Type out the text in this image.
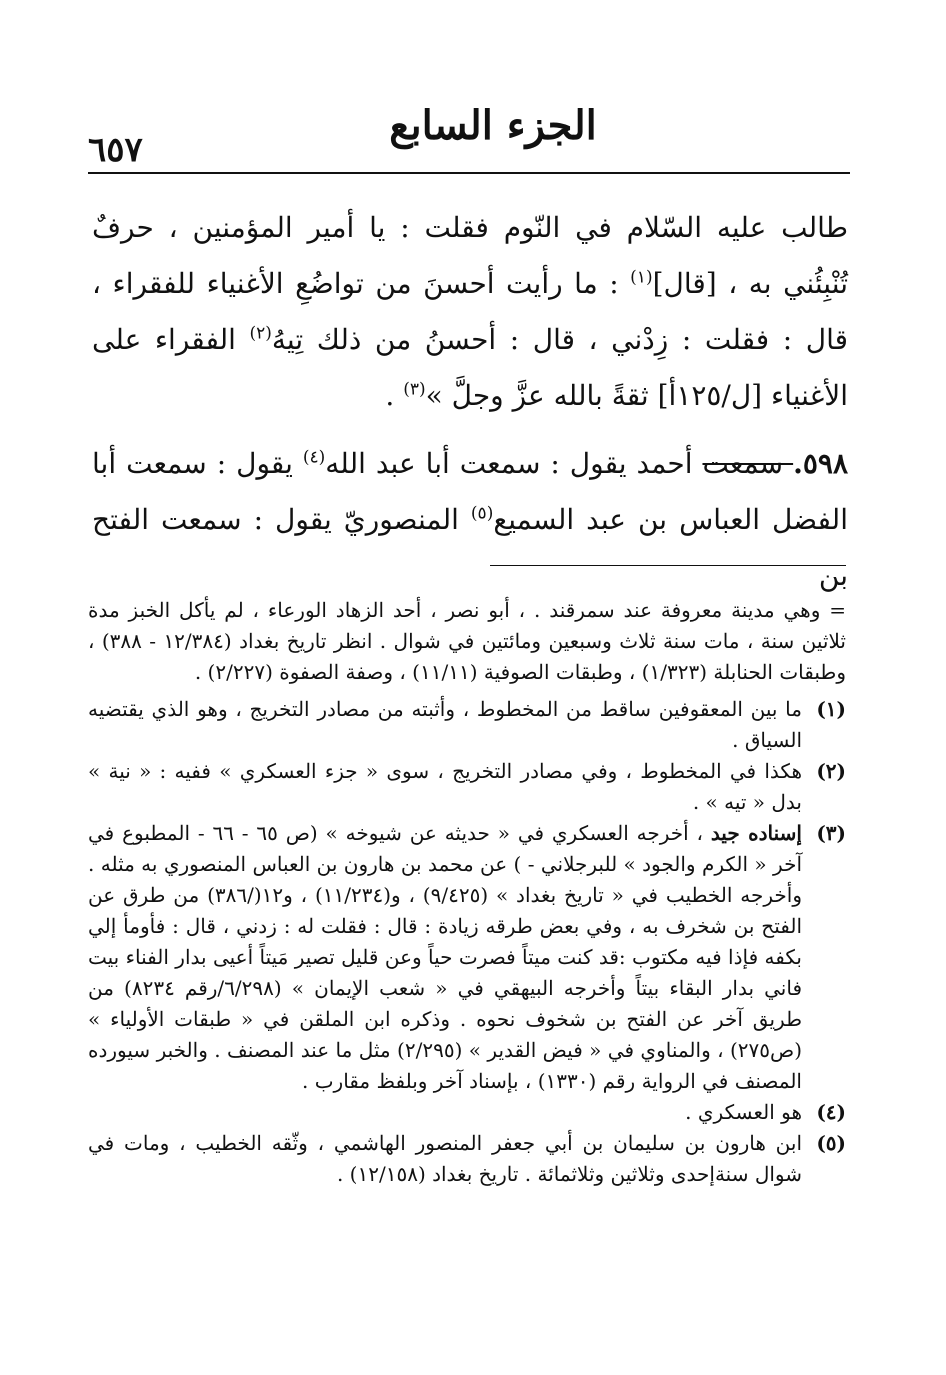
٦٥٧
الجزء السابع

طالب عليه السّلام في النّوم فقلت : يا أمير المؤمنين ، حرفٌ تُنْبِئُني به ، [قال]$^{(١)}$ : ما رأيت أحسنَ من تواضُعِ الأغنياء للفقراء ، قال : فقلت : زِدْني ، قال : أحسنُ من ذلك تِيهُ$^{(٢)}$ الفقراء على الأغنياء [ل/١٢٥أ] ثقةً بالله عزَّ وجلَّ »$^{(٣)}$ .

٥٩٨. سمعت أحمد يقول : سمعت أبا عبد الله$^{(٤)}$ يقول : سمعت أبا الفضل العباس بن عبد السميع$^{(٥)}$ المنصوريّ يقول : سمعت الفتح بن

= وهي مدينة معروفة عند سمرقند . ، أبو نصر ، أحد الزهاد الورعاء ، لم يأكل الخبز مدة ثلاثين سنة ، مات سنة ثلاث وسبعين ومائتين في شوال . انظر تاريخ بغداد (١٢/٣٨٤ - ٣٨٨) ، وطبقات الحنابلة (١/٣٢٣) ، وطبقات الصوفية (١١/١١) ، وصفة الصفوة (٢/٢٢٧) .

(١)
ما بين المعقوفين ساقط من المخطوط ، وأثبته من مصادر التخريج ، وهو الذي يقتضيه السياق .
(٢)
هكذا في المخطوط ، وفي مصادر التخريج ، سوى « جزء العسكري » ففيه : « نية » بدل « تيه » .
(٣)
إسناده جيد ، أخرجه العسكري في « حديثه عن شيوخه » (ص ٦٥ - ٦٦ - المطبوع في آخر « الكرم والجود » للبرجلاني - ) عن محمد بن هارون بن العباس المنصوري به مثله . وأخرجه الخطيب في « تاريخ بغداد » (٩/٤٢٥) ، و(١١/٢٣٤) ، و١٢(/٣٨٦) من طرق عن الفتح بن شخرف به ، وفي بعض طرقه زيادة : قال : فقلت له : زدني ، قال : فأومأ إلي بكفه فإذا فيه مكتوب :قد كنت ميتاً فصرت حياً وعن قليل تصير مَيتاً أعيى بدار الفناء بيت فاني بدار البقاء بيتاً وأخرجه البيهقي في « شعب الإيمان » (٦/٢٩٨/رقم ٨٢٣٤) من طريق آخر عن الفتح بن شخوف نحوه . وذكره ابن الملقن في « طبقات الأولياء » (ص٢٧٥) ، والمناوي في « فيض القدير » (٢/٢٩٥) مثل ما عند المصنف . والخبر سيورده المصنف في الرواية رقم (١٣٣٠) ، بإسناد آخر وبلفظ مقارب .
(٤)
هو العسكري .
(٥)
ابن هارون بن سليمان بن أبي جعفر المنصور الهاشمي ، وثّقه الخطيب ، ومات في شوال سنةإحدى وثلاثين وثلاثمائة . تاريخ بغداد (١٢/١٥٨) .
